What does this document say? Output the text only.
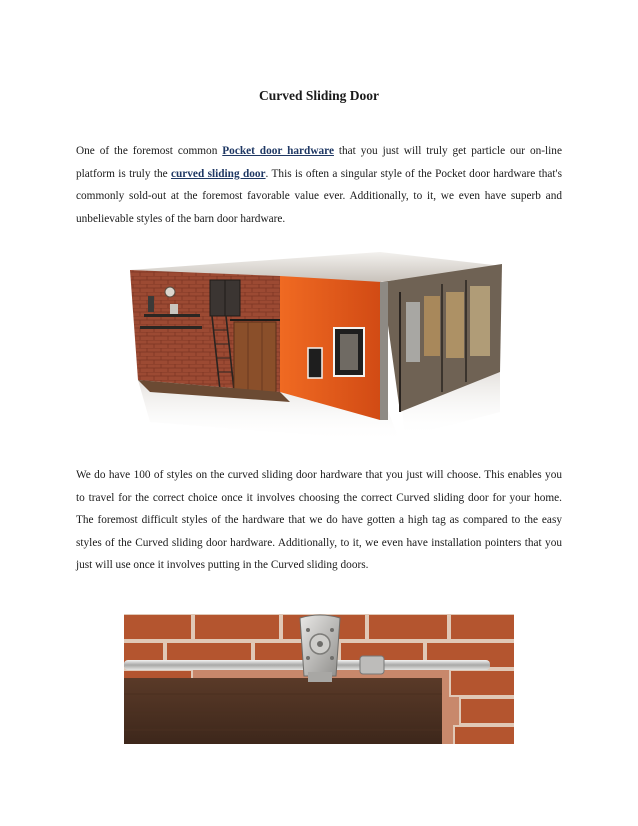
Curved Sliding Door

One of the foremost common Pocket door hardware that you just will truly get particle our on-line platform is truly the curved sliding door. This is often a singular style of the Pocket door hardware that's commonly sold-out at the foremost favorable value ever. Additionally, to it, we even have superb and unbelievable styles of the barn door hardware.

We do have 100 of styles on the curved sliding door hardware that you just will choose. This enables you to travel for the correct choice once it involves choosing the correct Curved sliding door for your home. The foremost difficult styles of the hardware that we do have gotten a high tag as compared to the easy styles of the Curved sliding door hardware. Additionally, to it, we even have installation pointers that you just will use once it involves putting in the Curved sliding doors.
